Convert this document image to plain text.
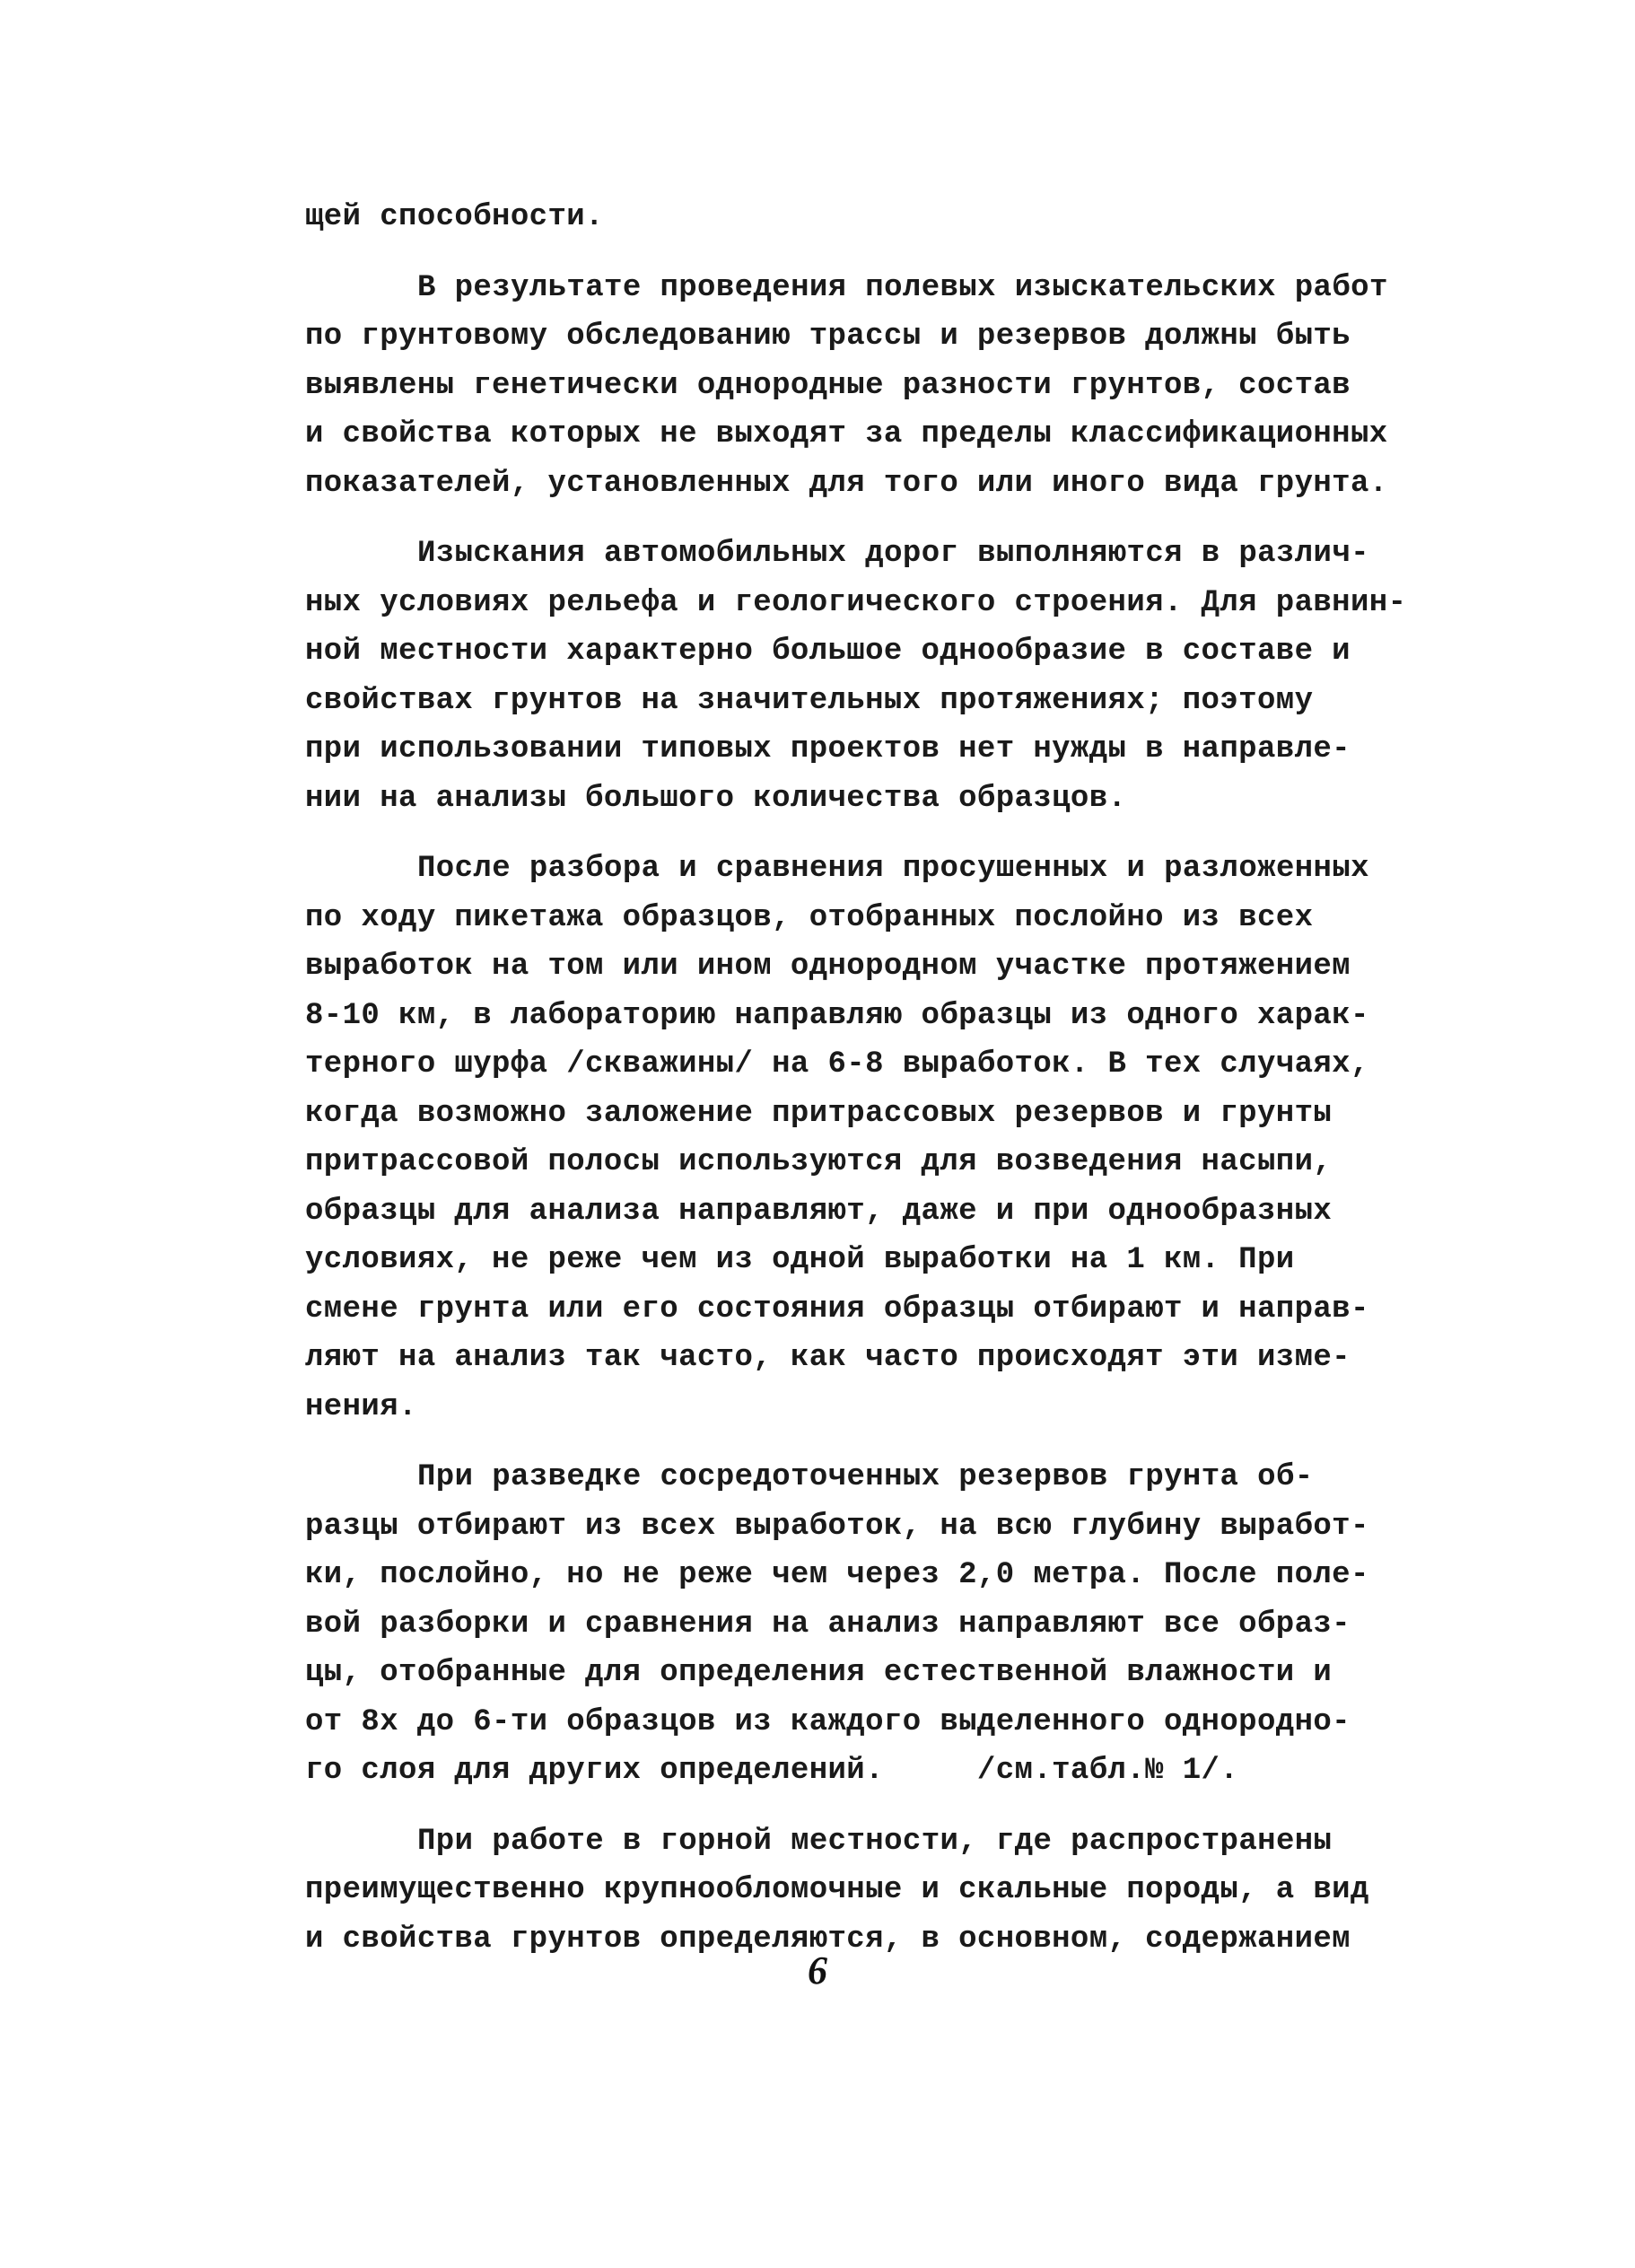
щей способности.
В результате проведения полевых изыскательских работ
по грунтовому обследованию трассы и резервов должны быть
выявлены генетически однородные разности грунтов, состав
и свойства которых не выходят за пределы классификационных
показателей, установленных для того или иного вида грунта.
Изыскания автомобильных дорог выполняются в различ-
ных условиях рельефа и геологического строения. Для равнин-
ной местности характерно большое однообразие в составе и
свойствах грунтов на значительных протяжениях; поэтому
при использовании типовых проектов нет нужды в направле-
нии на анализы большого количества образцов.
После разбора и сравнения просушенных и разложенных
по ходу пикетажа образцов, отобранных послойно из всех
выработок на том или ином однородном участке протяжением
8-10 км, в лабораторию направляю образцы из одного харак-
терного шурфа /скважины/ на 6-8 выработок. В тех случаях,
когда возможно заложение притрассовых резервов и грунты
притрассовой полосы используются для возведения насыпи,
образцы для анализа направляют, даже и при однообразных
условиях, не реже чем из одной выработки на 1 км. При
смене грунта или его состояния образцы отбирают и направ-
ляют на анализ так часто, как часто происходят эти изме-
нения.
При разведке сосредоточенных резервов грунта об-
разцы отбирают из всех выработок, на всю глубину выработ-
ки, послойно, но не реже чем через 2,0 метра. После поле-
вой разборки и сравнения на анализ направляют все образ-
цы, отобранные для определения естественной влажности и
от 8х до 6-ти образцов из каждого выделенного однородно-
го слоя для других определений.     /см.табл.№ 1/.
При работе в горной местности, где распространены
преимущественно крупнообломочные и скальные породы, а вид
и свойства грунтов определяются, в основном, содержанием
6
